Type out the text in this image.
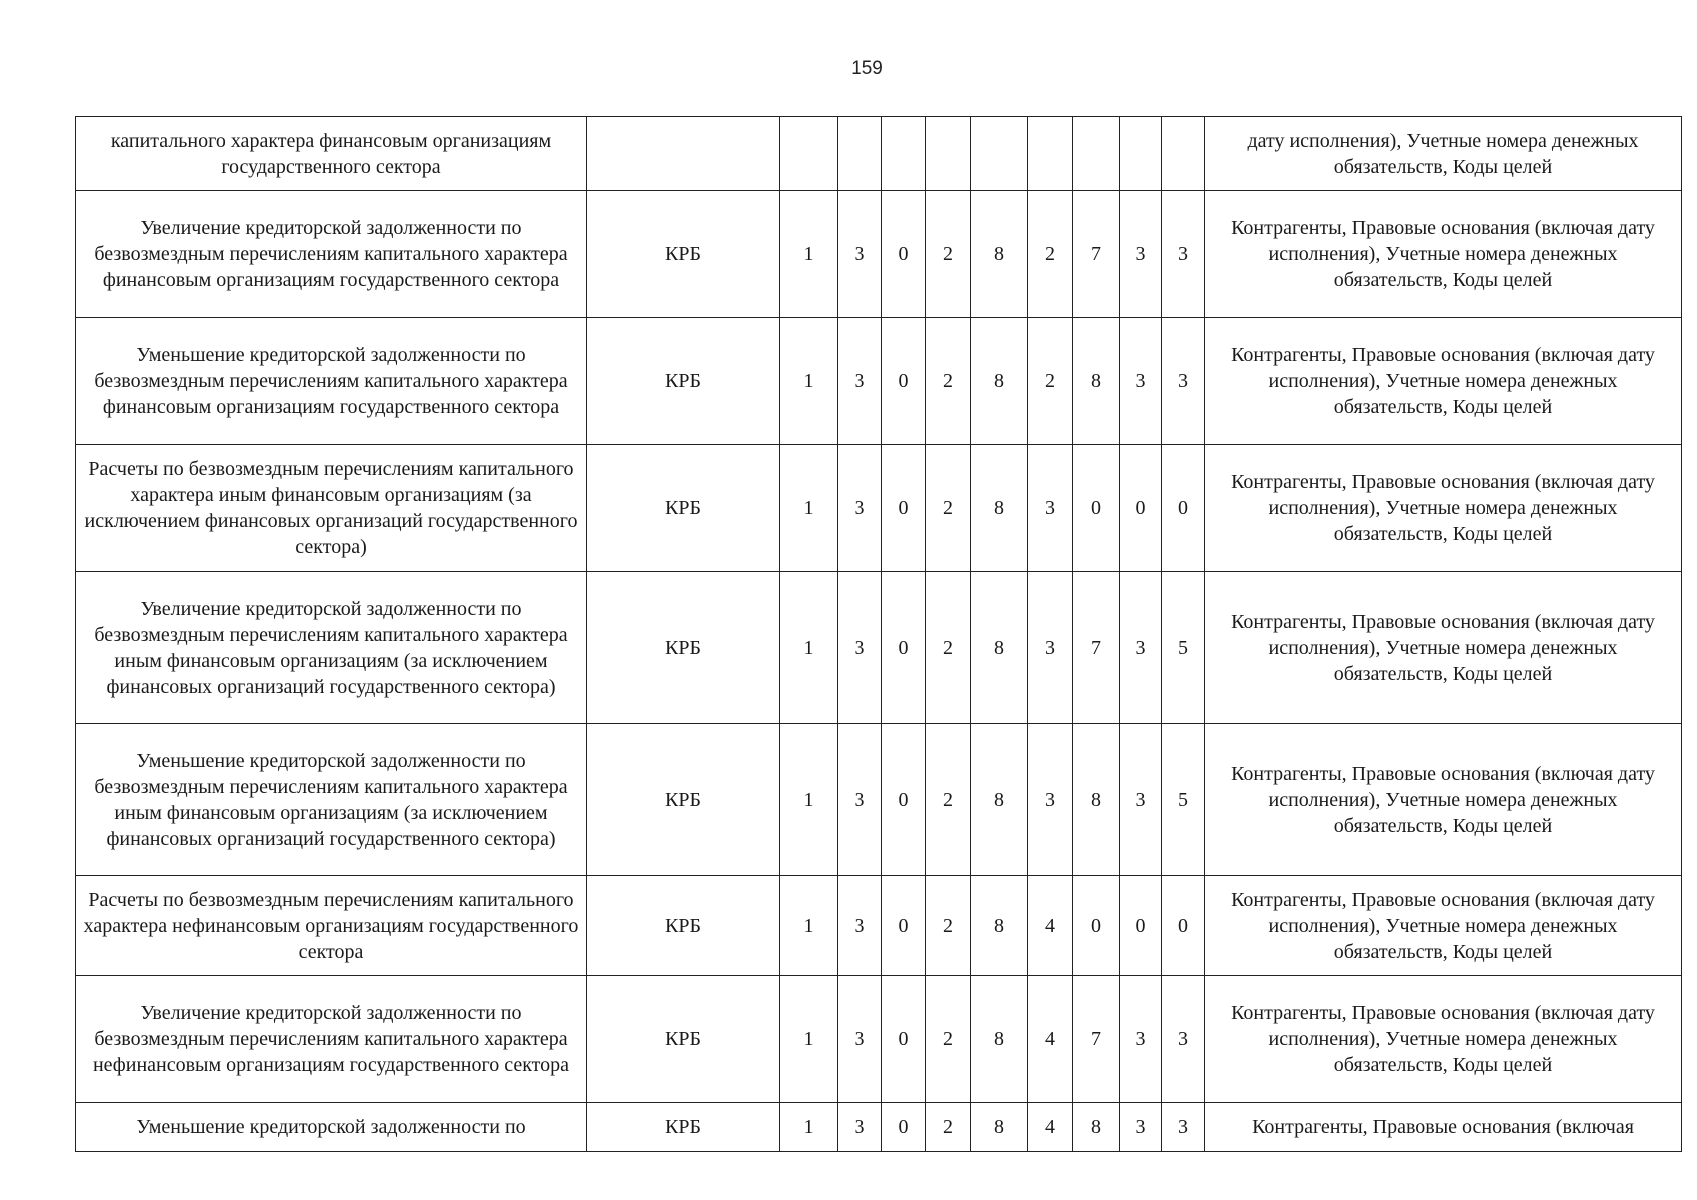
159
капитального характера финансовым организациям государственного сектора											дату исполнения), Учетные номера денежных обязательств, Коды целей
Увеличение кредиторской задолженности по безвозмездным перечислениям капитального характера финансовым организациям государственного сектора	КРБ	1	3	0	2	8	2	7	3	3	Контрагенты, Правовые основания (включая дату исполнения), Учетные номера денежных обязательств, Коды целей
Уменьшение кредиторской задолженности по безвозмездным перечислениям капитального характера финансовым организациям государственного сектора	КРБ	1	3	0	2	8	2	8	3	3	Контрагенты, Правовые основания (включая дату исполнения), Учетные номера денежных обязательств, Коды целей
Расчеты по безвозмездным перечислениям капитального характера иным финансовым организациям (за исключением финансовых организаций государственного сектора)	КРБ	1	3	0	2	8	3	0	0	0	Контрагенты, Правовые основания (включая дату исполнения), Учетные номера денежных обязательств, Коды целей
Увеличение кредиторской задолженности по безвозмездным перечислениям капитального характера иным финансовым организациям (за исключением финансовых организаций государственного сектора)	КРБ	1	3	0	2	8	3	7	3	5	Контрагенты, Правовые основания (включая дату исполнения), Учетные номера денежных обязательств, Коды целей
Уменьшение кредиторской задолженности по безвозмездным перечислениям капитального характера иным финансовым организациям (за исключением финансовых организаций государственного сектора)	КРБ	1	3	0	2	8	3	8	3	5	Контрагенты, Правовые основания (включая дату исполнения), Учетные номера денежных обязательств, Коды целей
Расчеты по безвозмездным перечислениям капитального характера нефинансовым организациям государственного сектора	КРБ	1	3	0	2	8	4	0	0	0	Контрагенты, Правовые основания (включая дату исполнения), Учетные номера денежных обязательств, Коды целей
Увеличение кредиторской задолженности по безвозмездным перечислениям капитального характера нефинансовым организациям государственного сектора	КРБ	1	3	0	2	8	4	7	3	3	Контрагенты, Правовые основания (включая дату исполнения), Учетные номера денежных обязательств, Коды целей
Уменьшение кредиторской задолженности по	КРБ	1	3	0	2	8	4	8	3	3	Контрагенты, Правовые основания (включая
